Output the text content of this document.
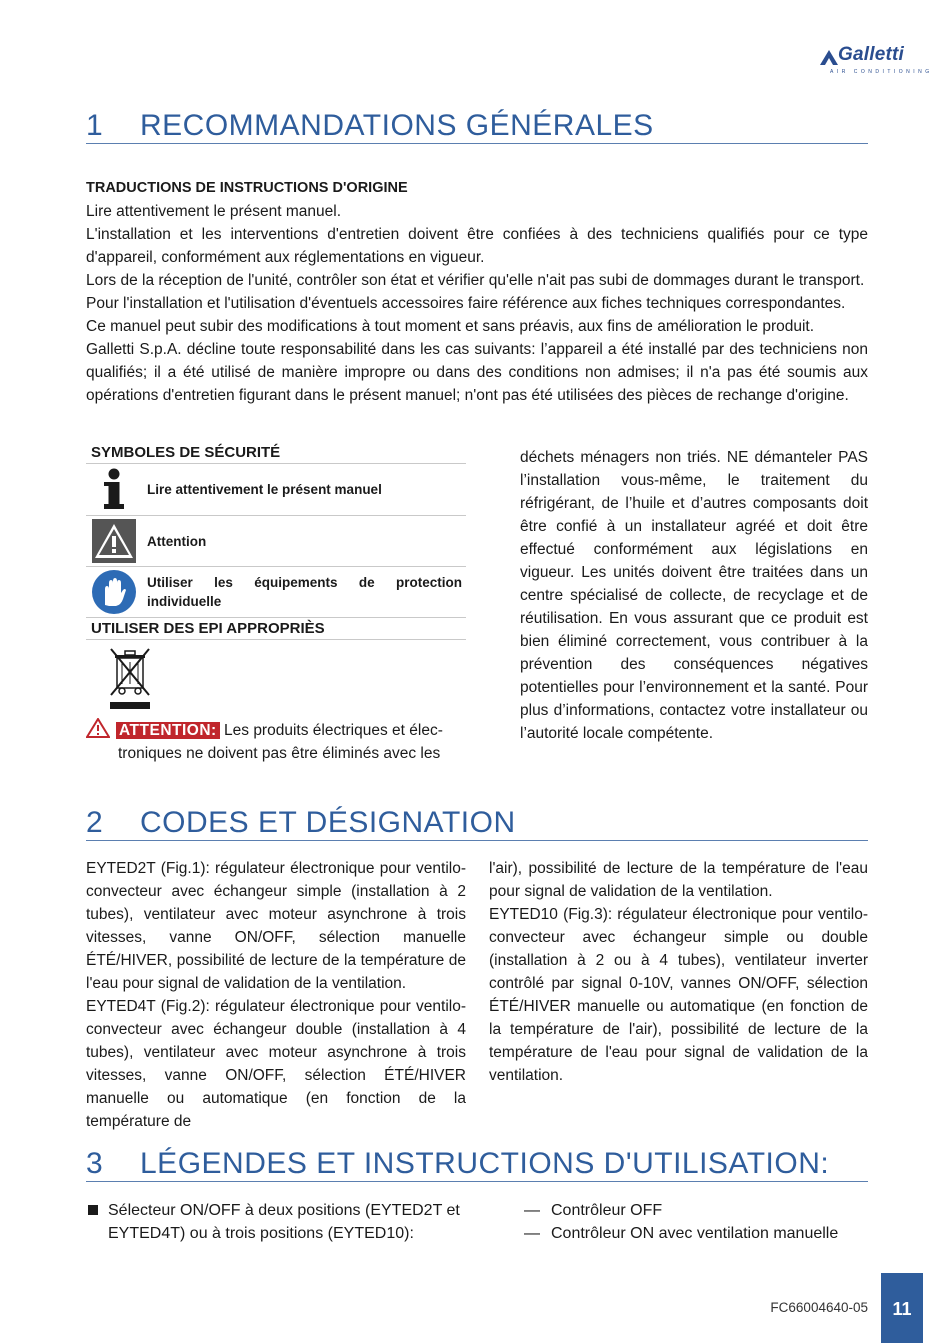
Galletti
AIR CONDITIONING
1 RECOMMANDATIONS GÉNÉRALES

TRADUCTIONS DE INSTRUCTIONS D'ORIGINE

Lire attentivement le présent manuel.

L'installation et les interventions d'entretien doivent être confiées à des techniciens qualifiés pour ce type d'appareil, conformément aux réglementations en vigueur.

Lors de la réception de l'unité, contrôler son état et vérifier qu'elle n'ait pas subi de dommages durant le transport.

Pour l'installation et l'utilisation d'éventuels accessoires faire référence aux fiches techniques correspondantes.

Ce manuel peut subir des modifications à tout moment et sans préavis, aux fins de amélioration le produit.

Galletti S.p.A. décline toute responsabilité dans les cas suivants: l’appareil a été installé par des techniciens non qualifiés; il a été utilisé de manière impropre ou dans des conditions non admises; il n'a pas été soumis aux opérations d'entretien figurant dans le présent manuel; n'ont pas été utilisées des pièces de rechange d'origine.

SYMBOLES DE SÉCURITÉ
Lire attentivement le présent manuel
Attention
Utiliser les équipements de protection individuelle
UTILISER DES EPI APPROPRIÈS
ATTENTION: Les produits électriques et élec-
troniques ne doivent pas être éliminés avec les
déchets ménagers non triés. NE démanteler PAS l’installation vous-même, le traitement du réfrigérant, de l’huile et d’autres composants doit être confié à un installateur agréé et doit être effectué conformément aux législations en vigueur. Les unités doivent être traitées dans un centre spécialisé de collecte, de recyclage et de réutilisation. En vous assurant que ce produit est bien éliminé correctement, vous contribuer à la prévention des conséquences négatives potentielles pour l’environnement et la santé. Pour plus d’informations, contactez votre installateur ou l’autorité locale compétente.
2 CODES ET DÉSIGNATION

EYTED2T (Fig.1): régulateur électronique pour ventilo-convecteur avec échangeur simple (installation à 2 tubes), ventilateur avec moteur asynchrone à trois vitesses, vanne ON/OFF, sélection manuelle ÉTÉ/HIVER, possibilité de lecture de la température de l'eau pour signal de validation de la ventilation.

EYTED4T (Fig.2): régulateur électronique pour ventilo-convecteur avec échangeur double (installation à 4 tubes), ventilateur avec moteur asynchrone à trois vitesses, vanne ON/OFF, sélection ÉTÉ/HIVER manuelle ou automatique (en fonction de la température de

l'air), possibilité de lecture de la température de l'eau pour signal de validation de la ventilation.

EYTED10 (Fig.3): régulateur électronique pour ventilo-convecteur avec échangeur simple ou double (installation à 2 ou à 4 tubes), ventilateur inverter contrôlé par signal 0-10V, vannes ON/OFF, sélection ÉTÉ/HIVER manuelle ou automatique (en fonction de la température de l'air), possibilité de lecture de la température de l'eau pour signal de validation de la ventilation.

3 LÉGENDES ET INSTRUCTIONS D'UTILISATION:
Sélecteur ON/OFF à deux positions (EYTED2T et EYTED4T) ou à trois positions (EYTED10):
— Contrôleur OFF
— Contrôleur ON avec ventilation manuelle
FC66004640-05	11
